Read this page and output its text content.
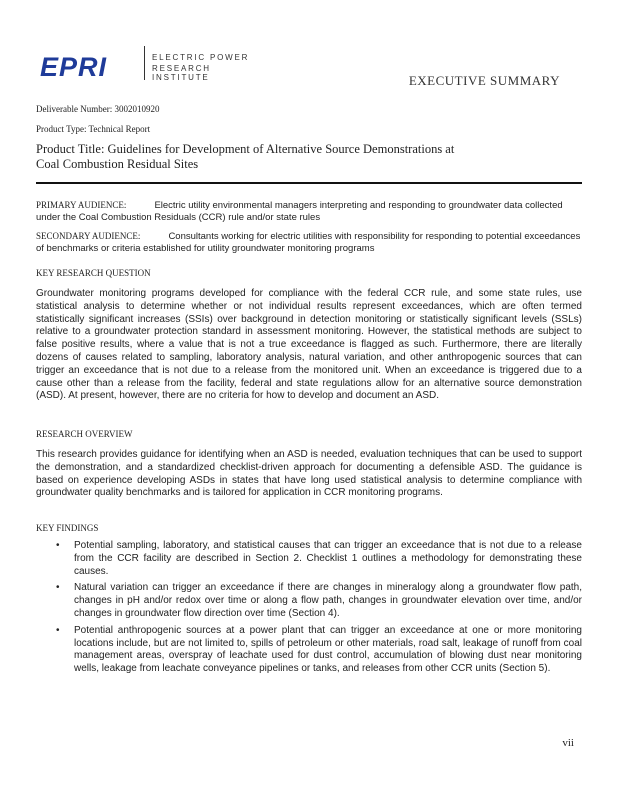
EPRI	ELECTRIC POWER
RESEARCH INSTITUTE	EXECUTIVE SUMMARY
Deliverable Number: 3002010920
Product Type: Technical Report
Product Title: Guidelines for Development of Alternative Source Demonstrations at
Coal Combustion Residual Sites
PRIMARY AUDIENCE:	Electric utility environmental managers interpreting and responding to groundwater data collected under the Coal Combustion Residuals (CCR) rule and/or state rules
SECONDARY AUDIENCE:	Consultants working for electric utilities with responsibility for responding to potential exceedances of benchmarks or criteria established for utility groundwater monitoring programs
KEY RESEARCH QUESTION

Groundwater monitoring programs developed for compliance with the federal CCR rule, and some state rules, use statistical analysis to determine whether or not individual results represent exceedances, which are often termed statistically significant increases (SSIs) over background in detection monitoring or statistically significant levels (SSLs) relative to a groundwater protection standard in assessment monitoring. However, the statistical methods are subject to false positive results, where a value that is not a true exceedance is flagged as such. Furthermore, there are literally dozens of causes related to sampling, laboratory analysis, natural variation, and other anthropogenic sources that can trigger an exceedance that is not due to a release from the monitored unit. When an exceedance is triggered due to a cause other than a release from the facility, federal and state regulations allow for an alternative source demonstration (ASD). At present, however, there are no criteria for how to develop and document an ASD.

RESEARCH OVERVIEW

This research provides guidance for identifying when an ASD is needed, evaluation techniques that can be used to support the demonstration, and a standardized checklist-driven approach for documenting a defensible ASD. The guidance is based on experience developing ASDs in states that have long used statistical analysis to determine compliance with groundwater quality benchmarks and is tailored for application in CCR monitoring programs.

KEY FINDINGS
• Potential sampling, laboratory, and statistical causes that can trigger an exceedance that is not due to a release from the CCR facility are described in Section 2. Checklist 1 outlines a methodology for demonstrating these causes.
• Natural variation can trigger an exceedance if there are changes in mineralogy along a groundwater flow path, changes in pH and/or redox over time or along a flow path, changes in groundwater elevation over time, and/or changes in groundwater flow direction over time (Section 4).
• Potential anthropogenic sources at a power plant that can trigger an exceedance at one or more monitoring locations include, but are not limited to, spills of petroleum or other materials, road salt, leakage of runoff from coal management areas, overspray of leachate used for dust control, accumulation of blowing dust near monitoring wells, leakage from leachate conveyance pipelines or tanks, and releases from other CCR units (Section 5).
vii
